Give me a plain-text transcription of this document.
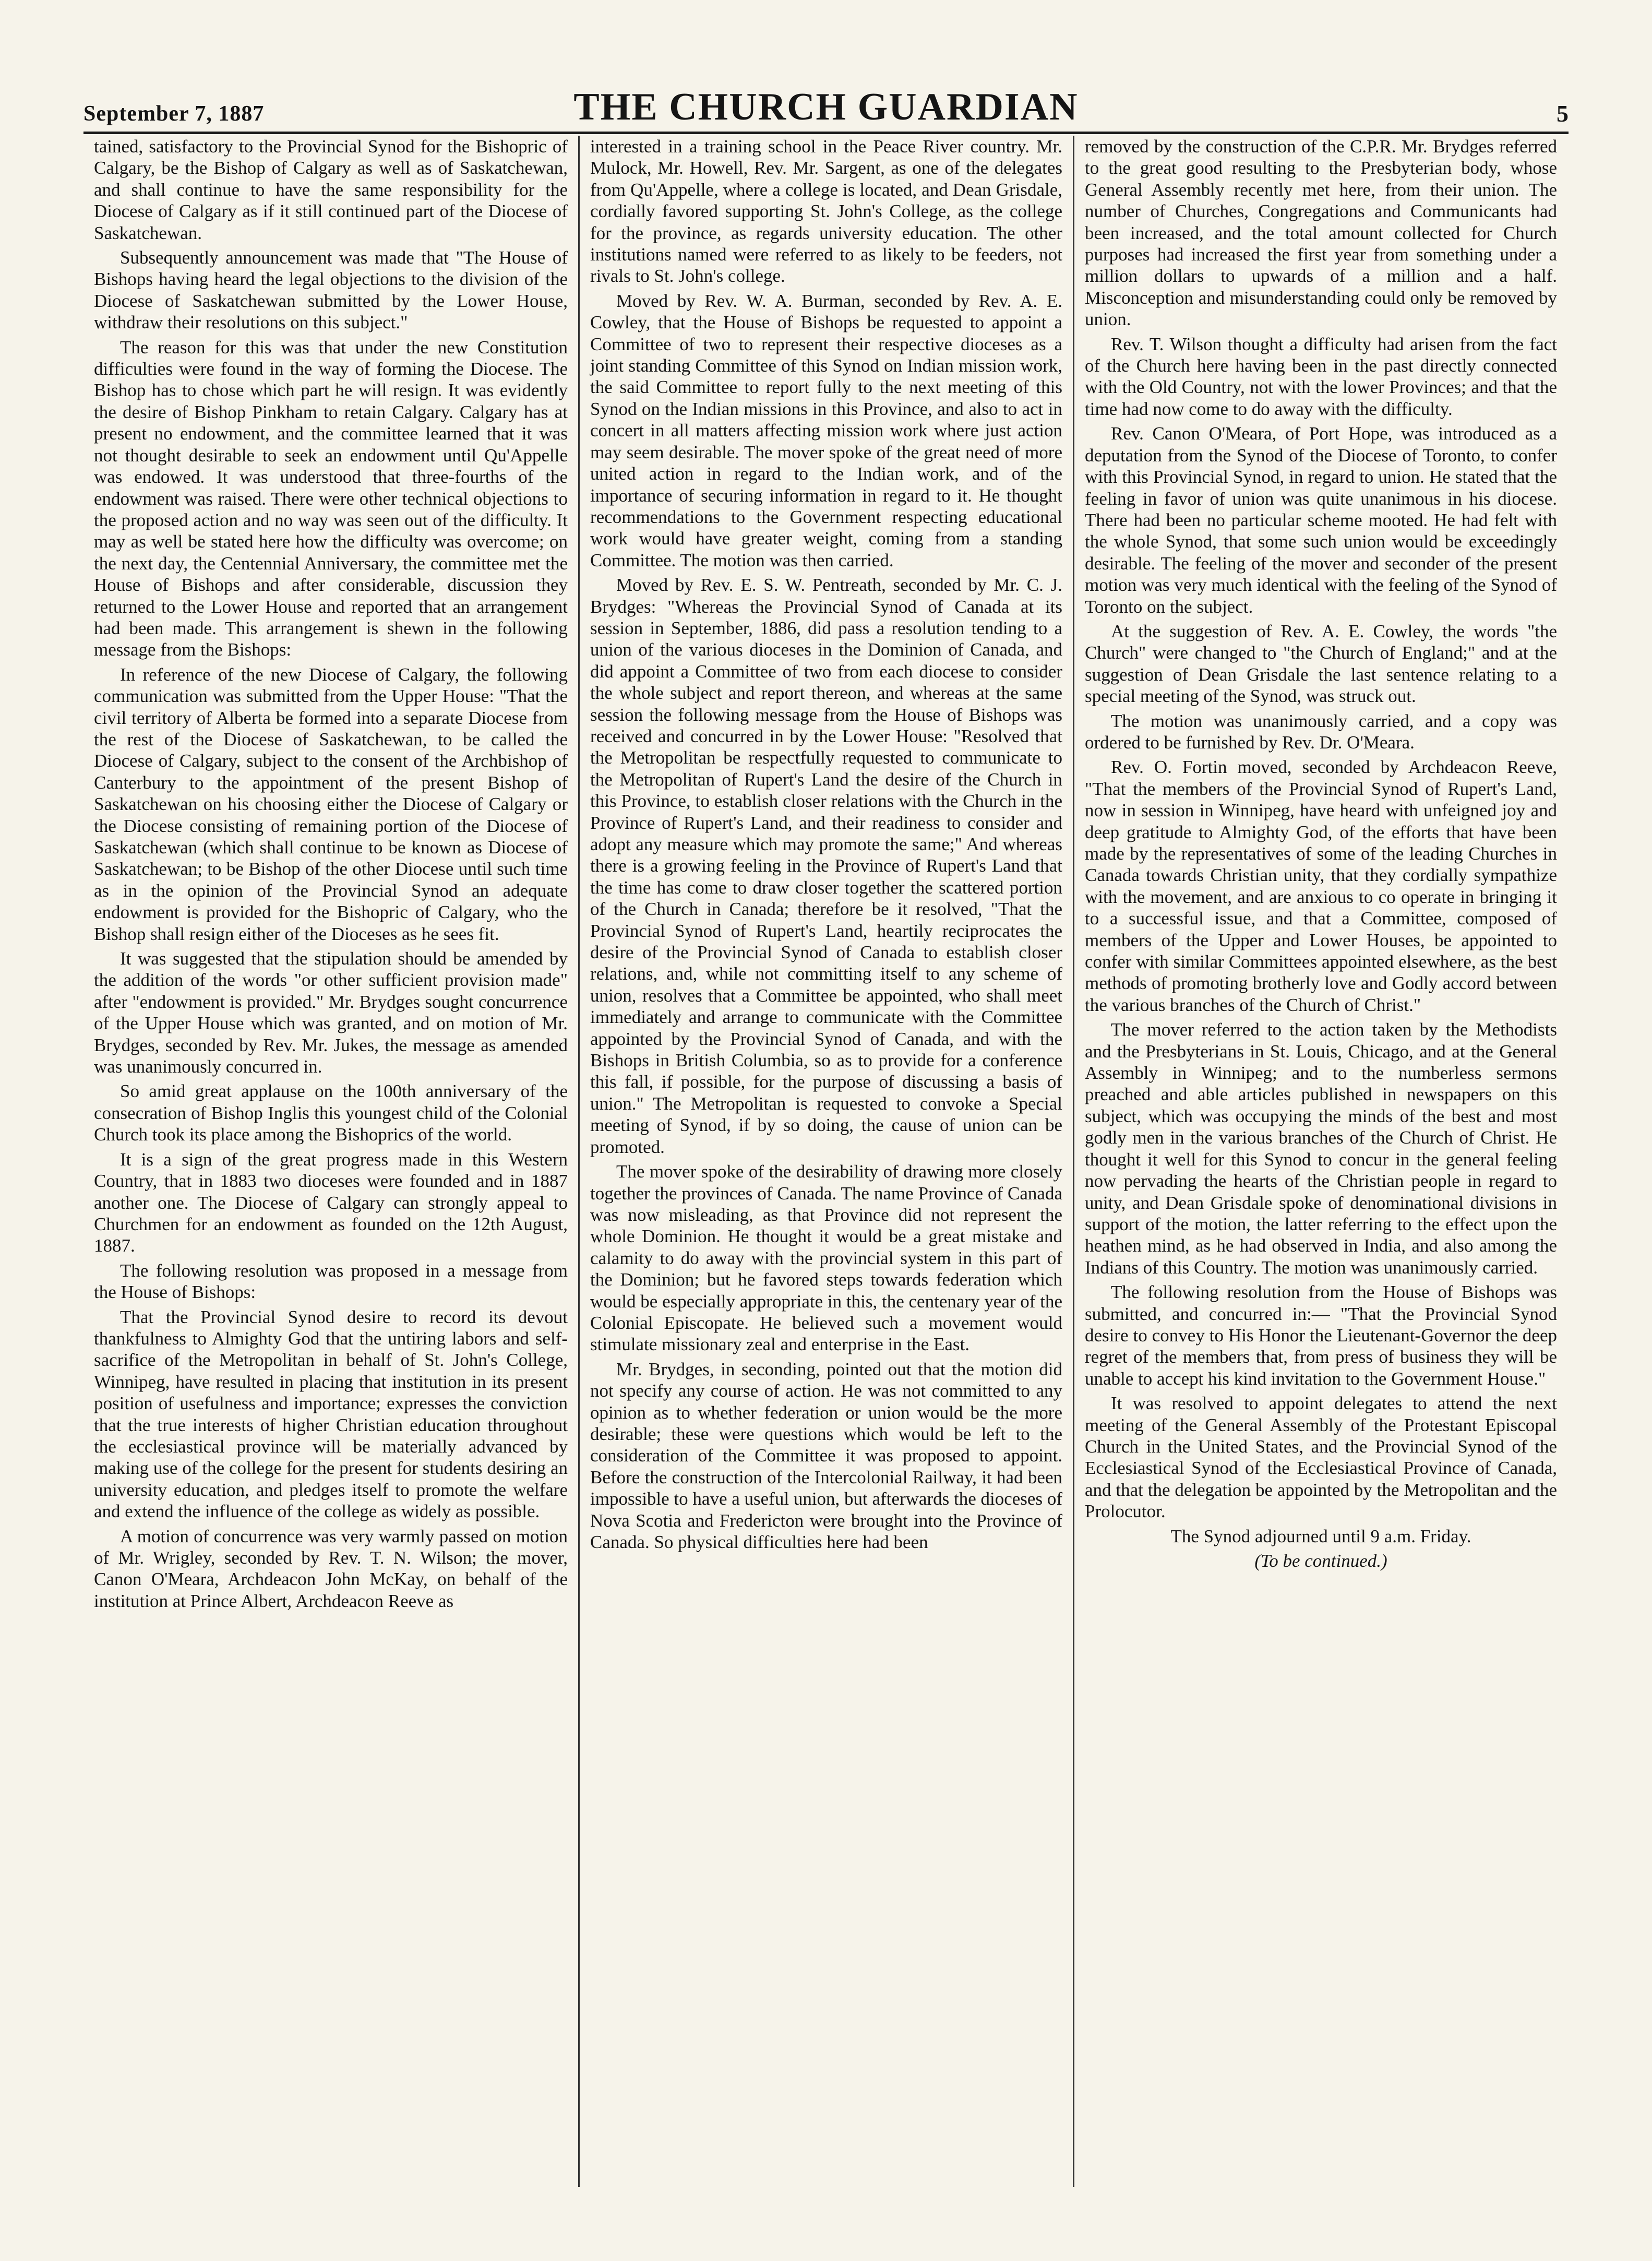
September 7, 1887	THE CHURCH GUARDIAN	5

tained, satisfactory to the Provincial Synod for the Bishopric of Calgary, be the Bishop of Calgary as well as of Saskatchewan, and shall continue to have the same responsibility for the Diocese of Calgary as if it still continued part of the Diocese of Saskatchewan.

Subsequently announcement was made that "The House of Bishops having heard the legal objections to the division of the Diocese of Saskatchewan submitted by the Lower House, withdraw their resolutions on this subject."

The reason for this was that under the new Constitution difficulties were found in the way of forming the Diocese. The Bishop has to chose which part he will resign. It was evidently the desire of Bishop Pinkham to retain Calgary. Calgary has at present no endowment, and the committee learned that it was not thought desirable to seek an endowment until Qu'Appelle was endowed. It was understood that three-fourths of the endowment was raised. There were other technical objections to the proposed action and no way was seen out of the difficulty. It may as well be stated here how the difficulty was overcome; on the next day, the Centennial Anniversary, the committee met the House of Bishops and after considerable, discussion they returned to the Lower House and reported that an arrangement had been made. This arrangement is shewn in the following message from the Bishops:

In reference of the new Diocese of Calgary, the following communication was submitted from the Upper House: "That the civil territory of Alberta be formed into a separate Diocese from the rest of the Diocese of Saskatchewan, to be called the Diocese of Calgary, subject to the consent of the Archbishop of Canterbury to the appointment of the present Bishop of Saskatchewan on his choosing either the Diocese of Calgary or the Diocese consisting of remaining portion of the Diocese of Saskatchewan (which shall continue to be known as Diocese of Saskatchewan; to be Bishop of the other Diocese until such time as in the opinion of the Provincial Synod an adequate endowment is provided for the Bishopric of Calgary, who the Bishop shall resign either of the Dioceses as he sees fit.

It was suggested that the stipulation should be amended by the addition of the words "or other sufficient provision made" after "endowment is provided." Mr. Brydges sought concurrence of the Upper House which was granted, and on motion of Mr. Brydges, seconded by Rev. Mr. Jukes, the message as amended was unanimously concurred in.

So amid great applause on the 100th anniversary of the consecration of Bishop Inglis this youngest child of the Colonial Church took its place among the Bishoprics of the world.

It is a sign of the great progress made in this Western Country, that in 1883 two dioceses were founded and in 1887 another one. The Diocese of Calgary can strongly appeal to Churchmen for an endowment as founded on the 12th August, 1887.

The following resolution was proposed in a message from the House of Bishops:

That the Provincial Synod desire to record its devout thankfulness to Almighty God that the untiring labors and self-sacrifice of the Metropolitan in behalf of St. John's College, Winnipeg, have resulted in placing that institution in its present position of usefulness and importance; expresses the conviction that the true interests of higher Christian education throughout the ecclesiastical province will be materially advanced by making use of the college for the present for students desiring an university education, and pledges itself to promote the welfare and extend the influence of the college as widely as possible.

A motion of concurrence was very warmly passed on motion of Mr. Wrigley, seconded by Rev. T. N. Wilson; the mover, Canon O'Meara, Archdeacon John McKay, on behalf of the institution at Prince Albert, Archdeacon Reeve as

interested in a training school in the Peace River country. Mr. Mulock, Mr. Howell, Rev. Mr. Sargent, as one of the delegates from Qu'Appelle, where a college is located, and Dean Grisdale, cordially favored supporting St. John's College, as the college for the province, as regards university education. The other institutions named were referred to as likely to be feeders, not rivals to St. John's college.

Moved by Rev. W. A. Burman, seconded by Rev. A. E. Cowley, that the House of Bishops be requested to appoint a Committee of two to represent their respective dioceses as a joint standing Committee of this Synod on Indian mission work, the said Committee to report fully to the next meeting of this Synod on the Indian missions in this Province, and also to act in concert in all matters affecting mission work where just action may seem desirable. The mover spoke of the great need of more united action in regard to the Indian work, and of the importance of securing information in regard to it. He thought recommendations to the Government respecting educational work would have greater weight, coming from a standing Committee. The motion was then carried.

Moved by Rev. E. S. W. Pentreath, seconded by Mr. C. J. Brydges: "Whereas the Provincial Synod of Canada at its session in September, 1886, did pass a resolution tending to a union of the various dioceses in the Dominion of Canada, and did appoint a Committee of two from each diocese to consider the whole subject and report thereon, and whereas at the same session the following message from the House of Bishops was received and concurred in by the Lower House: "Resolved that the Metropolitan be respectfully requested to communicate to the Metropolitan of Rupert's Land the desire of the Church in this Province, to establish closer relations with the Church in the Province of Rupert's Land, and their readiness to consider and adopt any measure which may promote the same;" And whereas there is a growing feeling in the Province of Rupert's Land that the time has come to draw closer together the scattered portion of the Church in Canada; therefore be it resolved, "That the Provincial Synod of Rupert's Land, heartily reciprocates the desire of the Provincial Synod of Canada to establish closer relations, and, while not committing itself to any scheme of union, resolves that a Committee be appointed, who shall meet immediately and arrange to communicate with the Committee appointed by the Provincial Synod of Canada, and with the Bishops in British Columbia, so as to provide for a conference this fall, if possible, for the purpose of discussing a basis of union." The Metropolitan is requested to convoke a Special meeting of Synod, if by so doing, the cause of union can be promoted.

The mover spoke of the desirability of drawing more closely together the provinces of Canada. The name Province of Canada was now misleading, as that Province did not represent the whole Dominion. He thought it would be a great mistake and calamity to do away with the provincial system in this part of the Dominion; but he favored steps towards federation which would be especially appropriate in this, the centenary year of the Colonial Episcopate. He believed such a movement would stimulate missionary zeal and enterprise in the East.

Mr. Brydges, in seconding, pointed out that the motion did not specify any course of action. He was not committed to any opinion as to whether federation or union would be the more desirable; these were questions which would be left to the consideration of the Committee it was proposed to appoint. Before the construction of the Intercolonial Railway, it had been impossible to have a useful union, but afterwards the dioceses of Nova Scotia and Fredericton were brought into the Province of Canada. So physical difficulties here had been

removed by the construction of the C.P.R. Mr. Brydges referred to the great good resulting to the Presbyterian body, whose General Assembly recently met here, from their union. The number of Churches, Congregations and Communicants had been increased, and the total amount collected for Church purposes had increased the first year from something under a million dollars to upwards of a million and a half. Misconception and misunderstanding could only be removed by union.

Rev. T. Wilson thought a difficulty had arisen from the fact of the Church here having been in the past directly connected with the Old Country, not with the lower Provinces; and that the time had now come to do away with the difficulty.

Rev. Canon O'Meara, of Port Hope, was introduced as a deputation from the Synod of the Diocese of Toronto, to confer with this Provincial Synod, in regard to union. He stated that the feeling in favor of union was quite unanimous in his diocese. There had been no particular scheme mooted. He had felt with the whole Synod, that some such union would be exceedingly desirable. The feeling of the mover and seconder of the present motion was very much identical with the feeling of the Synod of Toronto on the subject.

At the suggestion of Rev. A. E. Cowley, the words "the Church" were changed to "the Church of England;" and at the suggestion of Dean Grisdale the last sentence relating to a special meeting of the Synod, was struck out.

The motion was unanimously carried, and a copy was ordered to be furnished by Rev. Dr. O'Meara.

Rev. O. Fortin moved, seconded by Archdeacon Reeve, "That the members of the Provincial Synod of Rupert's Land, now in session in Winnipeg, have heard with unfeigned joy and deep gratitude to Almighty God, of the efforts that have been made by the representatives of some of the leading Churches in Canada towards Christian unity, that they cordially sympathize with the movement, and are anxious to co operate in bringing it to a successful issue, and that a Committee, composed of members of the Upper and Lower Houses, be appointed to confer with similar Committees appointed elsewhere, as the best methods of promoting brotherly love and Godly accord between the various branches of the Church of Christ."

The mover referred to the action taken by the Methodists and the Presbyterians in St. Louis, Chicago, and at the General Assembly in Winnipeg; and to the numberless sermons preached and able articles published in newspapers on this subject, which was occupying the minds of the best and most godly men in the various branches of the Church of Christ. He thought it well for this Synod to concur in the general feeling now pervading the hearts of the Christian people in regard to unity, and Dean Grisdale spoke of denominational divisions in support of the motion, the latter referring to the effect upon the heathen mind, as he had observed in India, and also among the Indians of this Country. The motion was unanimously carried.

The following resolution from the House of Bishops was submitted, and concurred in:— "That the Provincial Synod desire to convey to His Honor the Lieutenant-Governor the deep regret of the members that, from press of business they will be unable to accept his kind invitation to the Government House."

It was resolved to appoint delegates to attend the next meeting of the General Assembly of the Protestant Episcopal Church in the United States, and the Provincial Synod of the Ecclesiastical Synod of the Ecclesiastical Province of Canada, and that the delegation be appointed by the Metropolitan and the Prolocutor.

The Synod adjourned until 9 a.m. Friday.

(To be continued.)
